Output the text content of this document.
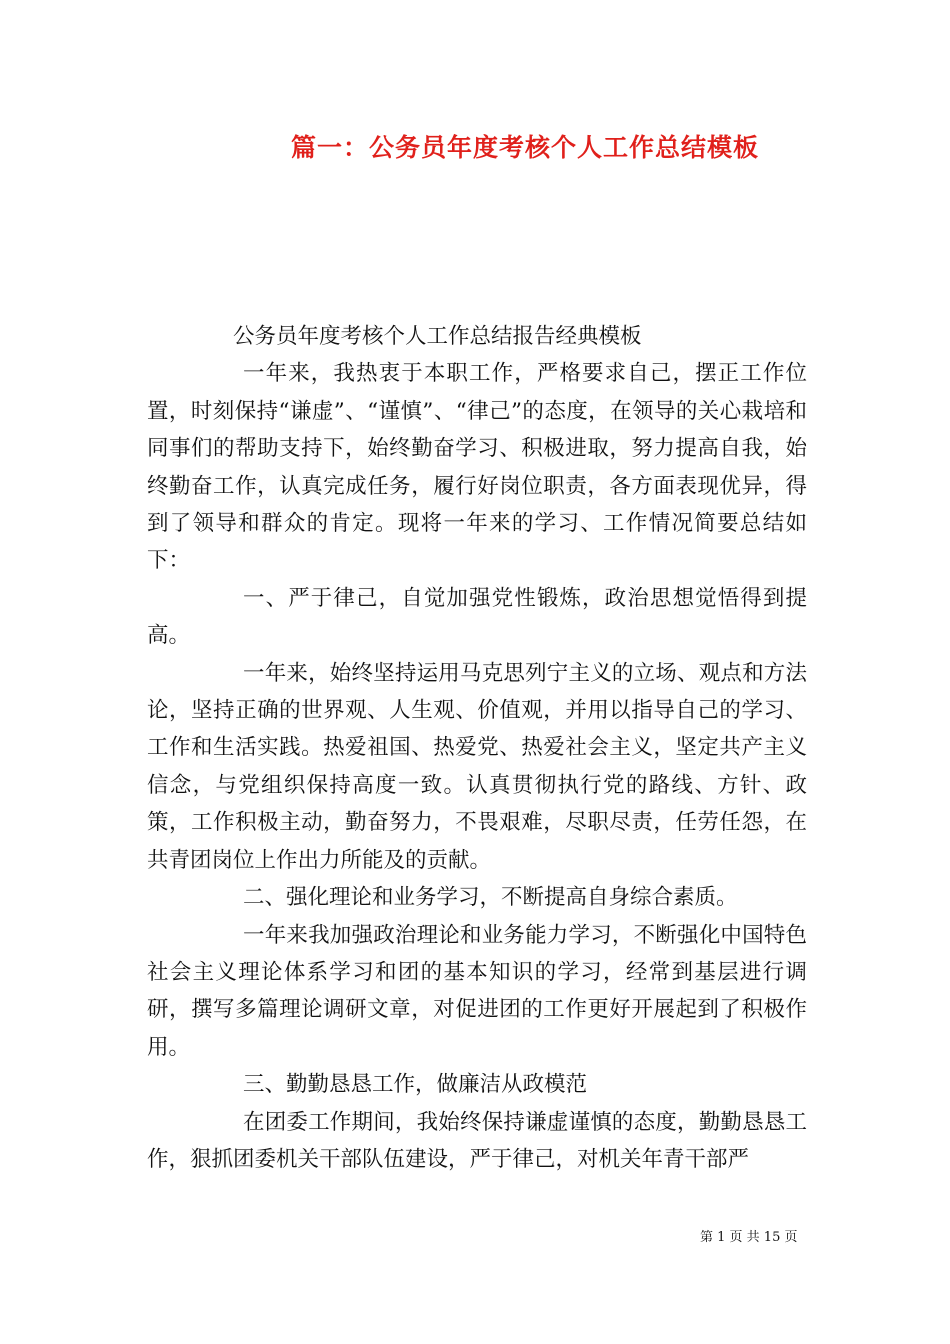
篇一：公务员年度考核个人工作总结模板

公务员年度考核个人工作总结报告经典模板

一年来，我热衷于本职工作，严格要求自己，摆正工作位置，时刻保持“谦虚”、“谨慎”、“律己”的态度，在领导的关心栽培和同事们的帮助支持下，始终勤奋学习、积极进取，努力提高自我，始终勤奋工作，认真完成任务，履行好岗位职责，各方面表现优异，得到了领导和群众的肯定。现将一年来的学习、工作情况简要总结如下：

一、严于律己，自觉加强党性锻炼，政治思想觉悟得到提高。

一年来，始终坚持运用马克思列宁主义的立场、观点和方法论，坚持正确的世界观、人生观、价值观，并用以指导自己的学习、工作和生活实践。热爱祖国、热爱党、热爱社会主义，坚定共产主义信念，与党组织保持高度一致。认真贯彻执行党的路线、方针、政策，工作积极主动，勤奋努力，不畏艰难，尽职尽责，任劳任怨，在共青团岗位上作出力所能及的贡献。

二、强化理论和业务学习，不断提高自身综合素质。

一年来我加强政治理论和业务能力学习，不断强化中国特色社会主义理论体系学习和团的基本知识的学习，经常到基层进行调研，撰写多篇理论调研文章，对促进团的工作更好开展起到了积极作用。

三、勤勤恳恳工作，做廉洁从政模范

在团委工作期间，我始终保持谦虚谨慎的态度，勤勤恳恳工作，狠抓团委机关干部队伍建设，严于律己，对机关年青干部严

第 1 页 共 15 页
